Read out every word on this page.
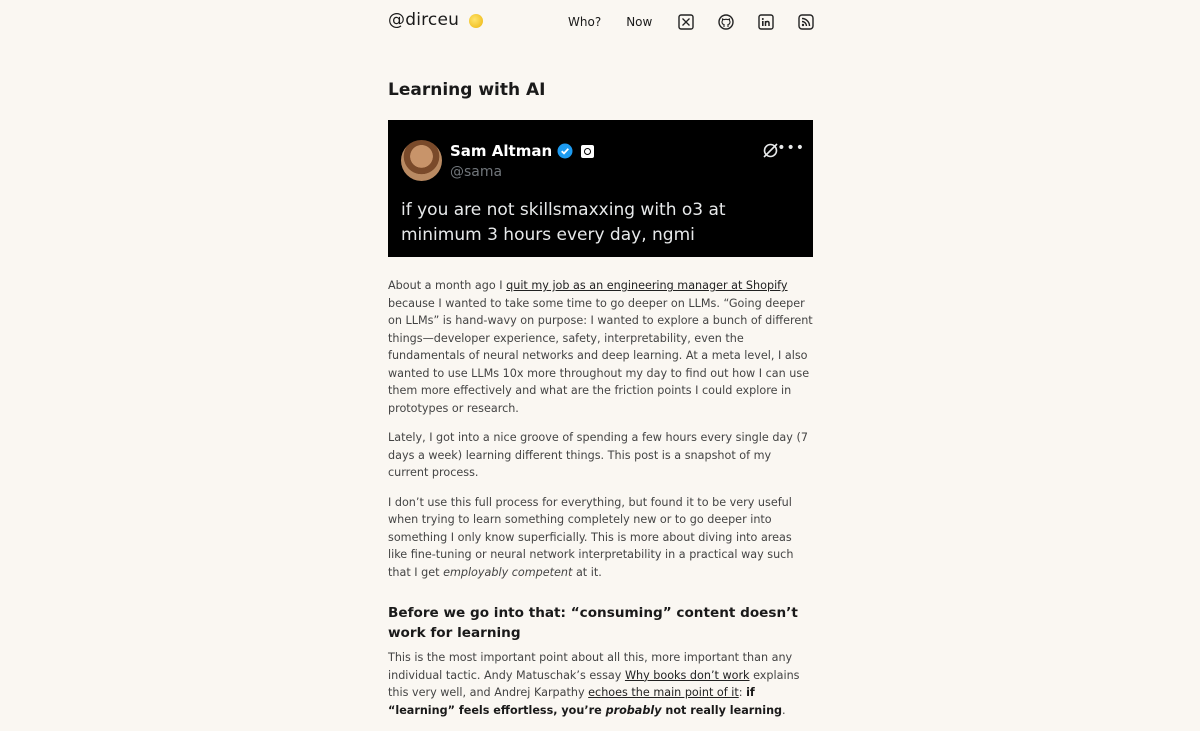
@dirceu	Who? Now
Learning with AI
Sam Altman
@sama
•••
if you are not skillsmaxxing with o3 at minimum 3 hours every day, ngmi

About a month ago I quit my job as an engineering manager at Shopify because I wanted to take some time to go deeper on LLMs. “Going deeper on LLMs” is hand-wavy on purpose: I wanted to explore a bunch of different things—developer experience, safety, interpretability, even the fundamentals of neural networks and deep learning. At a meta level, I also wanted to use LLMs 10x more throughout my day to find out how I can use them more effectively and what are the friction points I could explore in prototypes or research.

Lately, I got into a nice groove of spending a few hours every single day (7 days a week) learning different things. This post is a snapshot of my current process.

I don’t use this full process for everything, but found it to be very useful when trying to learn something completely new or to go deeper into something I only know superficially. This is more about diving into areas like fine-tuning or neural network interpretability in a practical way such that I get employably competent at it.

Before we go into that: “consuming” content doesn’t work for learning

This is the most important point about all this, more important than any individual tactic. Andy Matuschak’s essay Why books don’t work explains this very well, and Andrej Karpathy echoes the main point of it: if “learning” feels effortless, you’re probably not really learning.
